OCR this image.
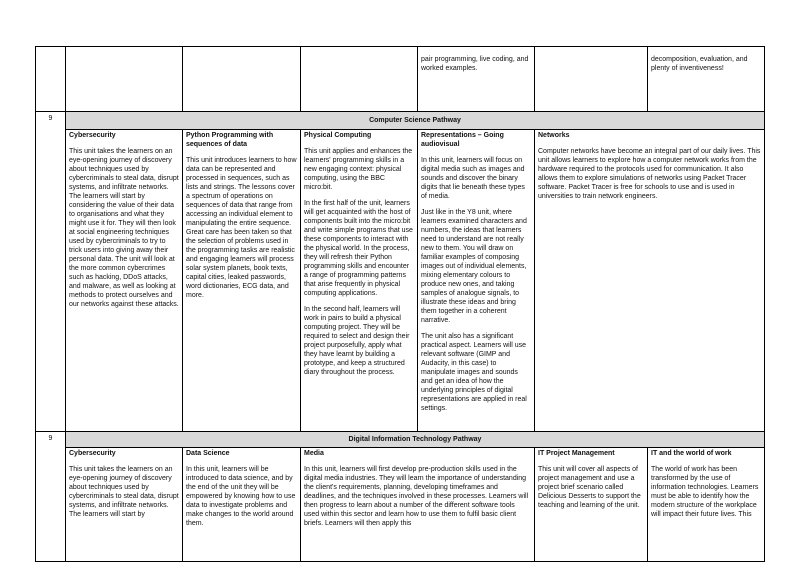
pair programming, live coding, and worked examples.

decomposition, evaluation, and plenty of inventiveness!

9	Computer Science Pathway
Cybersecurity

This unit takes the learners on an eye-opening journey of discovery about techniques used by cybercriminals to steal data, disrupt systems, and infiltrate networks. The learners will start by considering the value of their data to organisations and what they might use it for. They will then look at social engineering techniques used by cybercriminals to try to trick users into giving away their personal data. The unit will look at the more common cybercrimes such as hacking, DDoS attacks, and malware, as well as looking at methods to protect ourselves and our networks against these attacks.

Python Programming with sequences of data

This unit introduces learners to how data can be represented and processed in sequences, such as lists and strings. The lessons cover a spectrum of operations on sequences of data that range from accessing an individual element to manipulating the entire sequence. Great care has been taken so that the selection of problems used in the programming tasks are realistic and engaging learners will process solar system planets, book texts, capital cities, leaked passwords, word dictionaries, ECG data, and more.

Physical Computing

This unit applies and enhances the learners' programming skills in a new engaging context: physical computing, using the BBC micro:bit.

In the first half of the unit, learners will get acquainted with the host of components built into the micro:bit and write simple programs that use these components to interact with the physical world. In the process, they will refresh their Python programming skills and encounter a range of programming patterns that arise frequently in physical computing applications.

In the second half, learners will work in pairs to build a physical computing project. They will be required to select and design their project purposefully, apply what they have learnt by building a prototype, and keep a structured diary throughout the process.

Representations – Going audiovisual

In this unit, learners will focus on digital media such as images and sounds and discover the binary digits that lie beneath these types of media.

Just like in the Y8 unit, where learners examined characters and numbers, the ideas that learners need to understand are not really new to them. You will draw on familiar examples of composing images out of individual elements, mixing elementary colours to produce new ones, and taking samples of analogue signals, to illustrate these ideas and bring them together in a coherent narrative.

The unit also has a significant practical aspect. Learners will use relevant software (GIMP and Audacity, in this case) to manipulate images and sounds and get an idea of how the underlying principles of digital representations are applied in real settings.

Networks

Computer networks have become an integral part of our daily lives. This unit allows learners to explore how a computer network works from the hardware required to the protocols used for communication. It also allows them to explore simulations of networks using Packet Tracer software. Packet Tracer is free for schools to use and is used in universities to train network engineers.

9	Digital Information Technology Pathway
Cybersecurity

This unit takes the learners on an eye-opening journey of discovery about techniques used by cybercriminals to steal data, disrupt systems, and infiltrate networks. The learners will start by

Data Science

In this unit, learners will be introduced to data science, and by the end of the unit they will be empowered by knowing how to use data to investigate problems and make changes to the world around them.

Media

In this unit, learners will first develop pre-production skills used in the digital media industries. They will learn the importance of understanding the client's requirements, planning, developing timeframes and deadlines, and the techniques involved in these processes. Learners will then progress to learn about a number of the different software tools used within this sector and learn how to use them to fulfil basic client briefs. Learners will then apply this

IT Project Management

This unit will cover all aspects of project management and use a project brief scenario called Delicious Desserts to support the teaching and learning of the unit.

IT and the world of work

The world of work has been transformed by the use of information technologies. Learners must be able to identify how the modern structure of the workplace will impact their future lives. This
